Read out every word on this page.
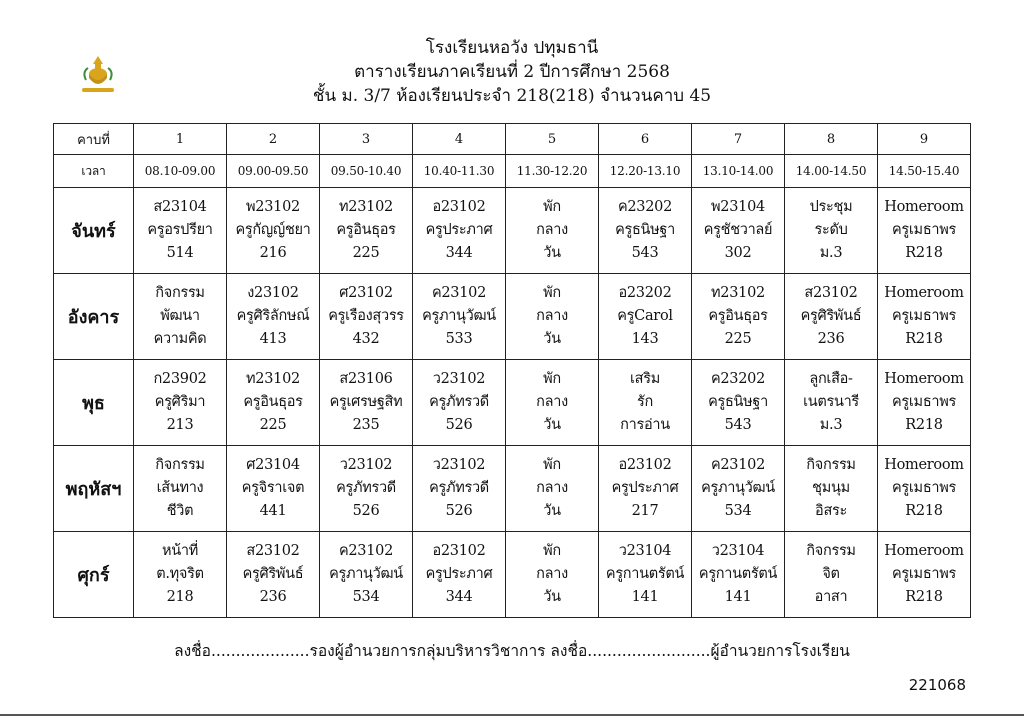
โรงเรียนหอวัง ปทุมธานี
ตารางเรียนภาคเรียนที่ 2 ปีการศึกษา 2568
ชั้น ม. 3/7 ห้องเรียนประจำ 218(218) จำนวนคาบ 45
คาบที่	1	2	3	4	5	6	7	8	9
เวลา	08.10-09.00	09.00-09.50	09.50-10.40	10.40-11.30	11.30-12.20	12.20-13.10	13.10-14.00	14.00-14.50	14.50-15.40
จันทร์	ส23104
ครูอรปรียา
514	พ23102
ครูกัญญ์ชยา
216	ท23102
ครูอินธุอร
225	อ23102
ครูประภาศ
344	พัก
กลาง
วัน	ค23202
ครูธนิษฐา
543	พ23104
ครูชัชวาลย์
302	ประชุม
ระดับ
ม.3	Homeroom
ครูเมธาพร
R218

อังคาร	กิจกรรม
พัฒนา
ความคิด	ง23102
ครูศิริลักษณ์
413	ศ23102
ครูเรืองสุวรร
432	ค23102
ครูภานุวัฒน์
533	พัก
กลาง
วัน	อ23202
ครูCarol
143	ท23102
ครูอินธุอร
225	ส23102
ครูศิริพันธ์
236	Homeroom
ครูเมธาพร
R218

พุธ	ก23902
ครูศิริมา
213	ท23102
ครูอินธุอร
225	ส23106
ครูเศรษฐสิท
235	ว23102
ครูภัทรวดี
526	พัก
กลาง
วัน	เสริม
รัก
การอ่าน	ค23202
ครูธนิษฐา
543	ลูกเสือ-
เนตรนารี
ม.3	Homeroom
ครูเมธาพร
R218

พฤหัสฯ	กิจกรรม
เส้นทาง
ชีวิต	ศ23104
ครูจิราเจต
441	ว23102
ครูภัทรวดี
526	ว23102
ครูภัทรวดี
526	พัก
กลาง
วัน	อ23102
ครูประภาศ
217	ค23102
ครูภานุวัฒน์
534	กิจกรรม
ชุมนุม
อิสระ	Homeroom
ครูเมธาพร
R218

ศุกร์	หน้าที่
ต.ทุจริต
218	ส23102
ครูศิริพันธ์
236	ค23102
ครูภานุวัฒน์
534	อ23102
ครูประภาศ
344	พัก
กลาง
วัน	ว23104
ครูกานตรัตน์
141	ว23104
ครูกานตรัตน์
141	กิจกรรม
จิต
อาสา	Homeroom
ครูเมธาพร
R218
ลงชื่อ....................รองผู้อำนวยการกลุ่มบริหารวิชาการ ลงชื่อ.........................ผู้อำนวยการโรงเรียน
221068
